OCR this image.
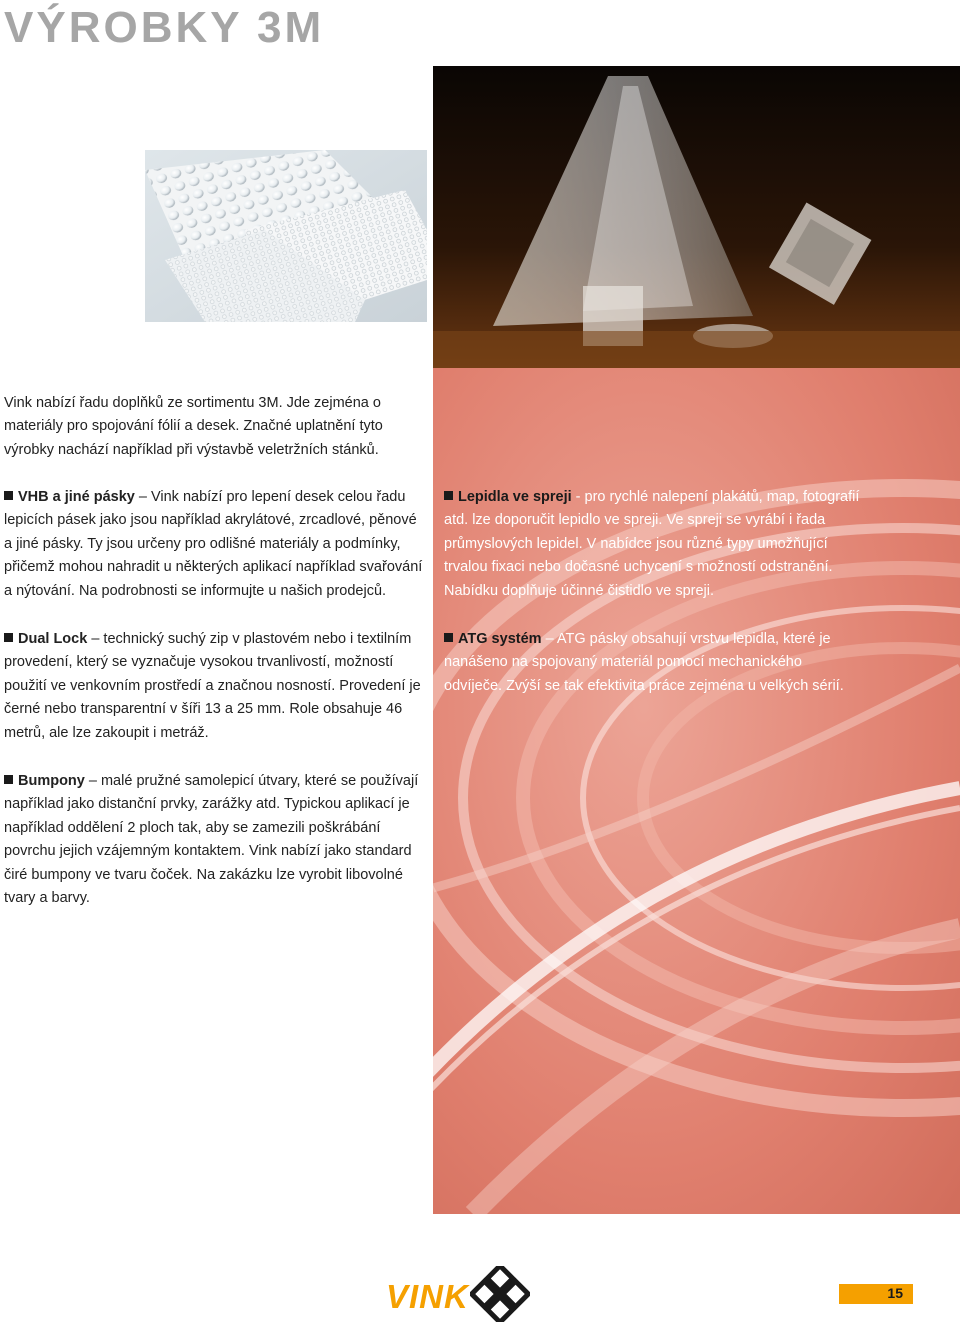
VÝROBKY 3M

Vink nabízí řadu doplňků ze sortimentu 3M. Jde zejména o materiály pro spojování fólií a desek. Značné uplatnění tyto výrobky nachází například při výstavbě veletržních stánků.

VHB a jiné pásky – Vink nabízí pro lepení desek celou řadu lepicích pásek jako jsou například akrylátové, zrcadlové, pěnové a jiné pásky. Ty jsou určeny pro odlišné materiály a podmínky, přičemž mohou nahradit u některých aplikací například svařování a nýtování. Na podrobnosti se informujte u našich prodejců.

Dual Lock – technický suchý zip v plastovém nebo i textilním provedení, který se vyznačuje vysokou trvanlivostí, možností použití ve venkovním prostředí a značnou nosností. Provedení je černé nebo transparentní v šíři 13 a 25 mm. Role obsahuje 46 metrů, ale lze zakoupit i metráž.

Bumpony – malé pružné samolepicí útvary, které se používají například jako distanční prvky, zarážky atd. Typickou aplikací je například oddělení 2 ploch tak, aby se zamezili poškrábání povrchu jejich vzájemným kontaktem. Vink nabízí jako standard čiré bumpony ve tvaru čoček. Na zakázku lze vyrobit libovolné tvary a barvy.

Lepidla ve spreji - pro rychlé nalepení plakátů, map, fotografií atd. lze doporučit lepidlo ve spreji. Ve spreji se vyrábí i řada průmyslových lepidel. V nabídce jsou různé typy umožňující trvalou fixaci nebo dočasné uchycení s možností odstranění. Nabídku doplňuje účinné čistidlo ve spreji.

ATG systém – ATG pásky obsahují vrstvu lepidla, které je nanášeno na spojovaný materiál pomocí mechanického odvíječe. Zvýší se tak efektivita práce zejména u velkých sérií.

VINK	15
